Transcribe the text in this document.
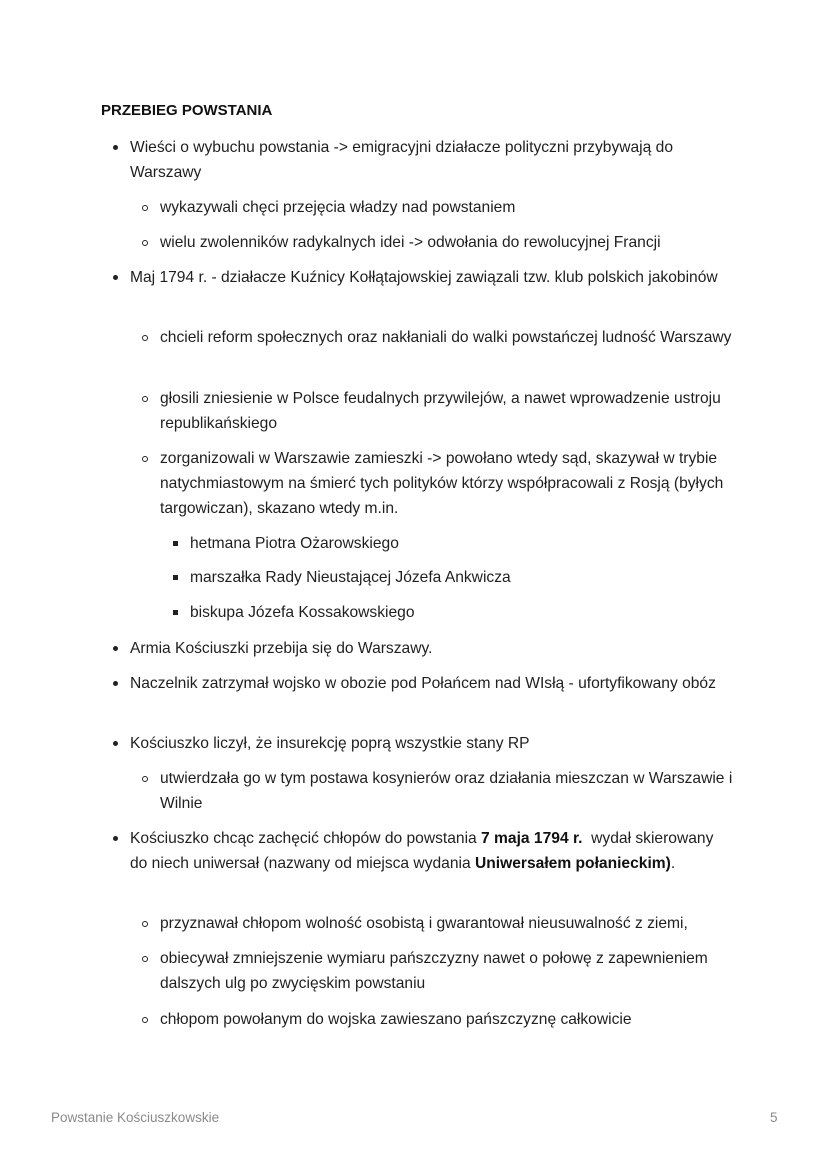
PRZEBIEG POWSTANIA
Wieści o wybuchu powstania -> emigracyjni działacze polityczni przybywają do Warszawy
wykazywali chęci przejęcia władzy nad powstaniem
wielu zwolenników radykalnych idei -> odwołania do rewolucyjnej Francji
Maj 1794 r. - działacze Kuźnicy Kołłątajowskiej zawiązali tzw. klub polskich jakobinów
chcieli reform społecznych oraz nakłaniali do walki powstańczej ludność Warszawy
głosili zniesienie w Polsce feudalnych przywilejów, a nawet wprowadzenie ustroju republikańskiego
zorganizowali w Warszawie zamieszki -> powołano wtedy sąd, skazywał w trybie natychmiastowym na śmierć tych polityków którzy współpracowali z Rosją (byłych targowiczan), skazano wtedy m.in.
hetmana Piotra Ożarowskiego
marszałka Rady Nieustającej Józefa Ankwicza
biskupa Józefa Kossakowskiego
Armia Kościuszki przebija się do Warszawy.
Naczelnik zatrzymał wojsko w obozie pod Połańcem nad WIsłą - ufortyfikowany obóz
Kościuszko liczył, że insurekcję poprą wszystkie stany RP
utwierdzała go w tym postawa kosynierów oraz działania mieszczan w Warszawie i Wilnie
Kościuszko chcąc zachęcić chłopów do powstania 7 maja 1794 r.  wydał skierowany do niech uniwersał (nazwany od miejsca wydania Uniwersałem połanieckim).
przyznawał chłopom wolność osobistą i gwarantował nieusuwalność z ziemi,
obiecywał zmniejszenie wymiaru pańszczyzny nawet o połowę z zapewnieniem dalszych ulg po zwycięskim powstaniu
chłopom powołanym do wojska zawieszano pańszczyznę całkowicie
Powstanie Kościuszkowskie	5
